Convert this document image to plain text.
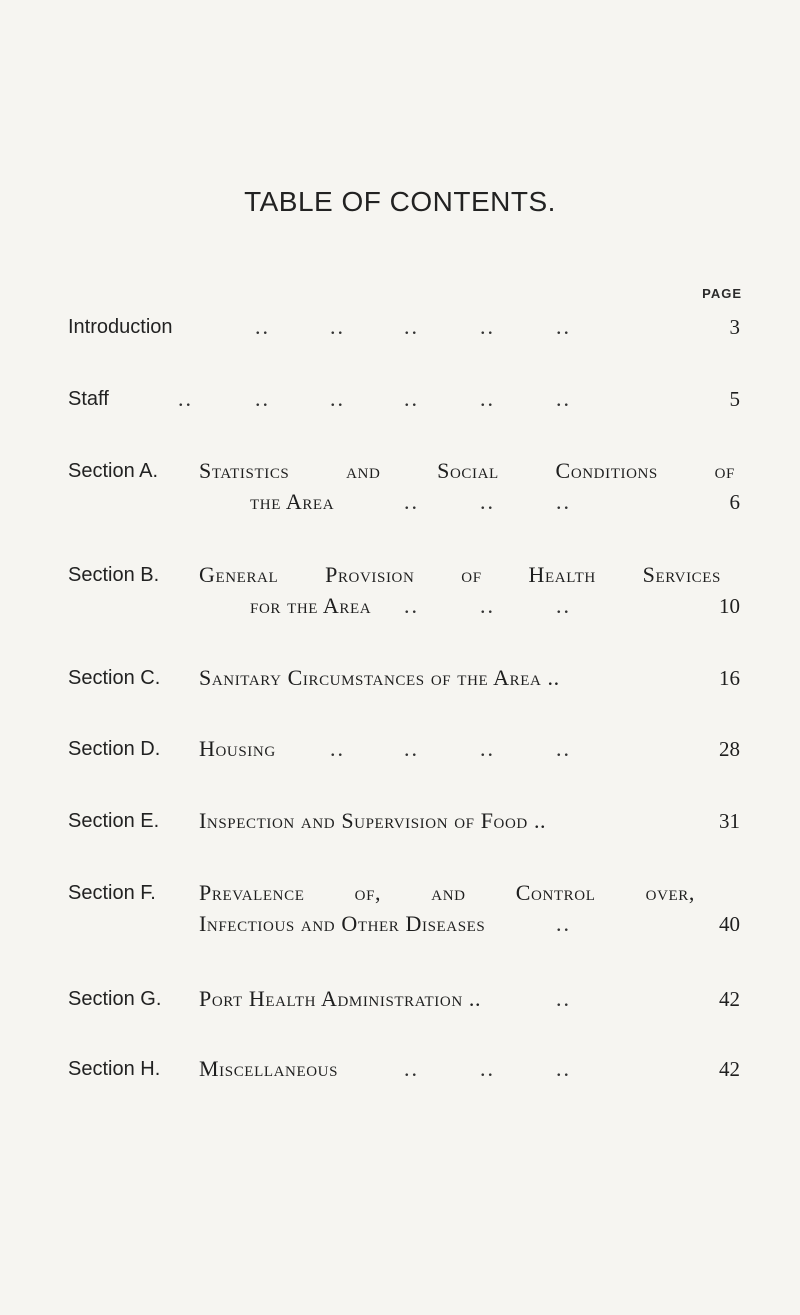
TABLE OF CONTENTS.
PAGE
Introduction	..	..	..	..	..	3
Staff	..	..	..	..	..	..	5
Section A. Statistics and Social Conditions of
the Area	..	..	..	6
Section B. General Provision of Health Services
for the Area ..	..	..	10
Section C. Sanitary Circumstances of the Area ..	16
Section D. Housing ..	..	..	..	28
Section E. Inspection and Supervision of Food ..	31
Section F. Prevalence of, and Control over,
Infectious and Other Diseases	..	40
Section G. Port Health Administration ..	..	42
Section H. Miscellaneous	..	..	..	42
